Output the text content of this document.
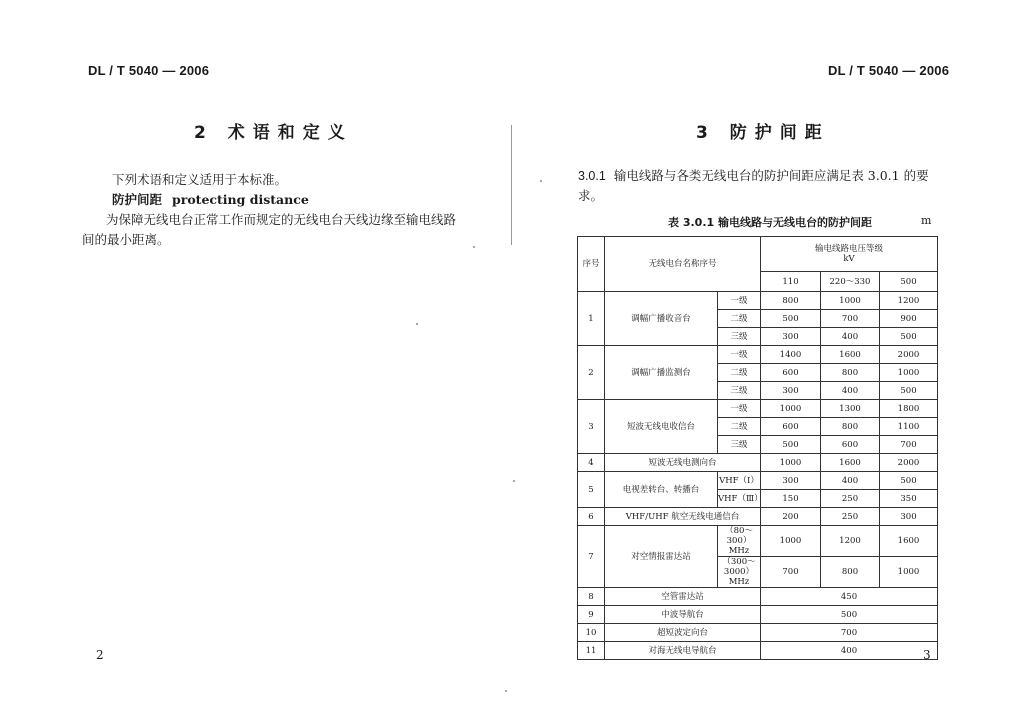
DL / T 5040 — 2006	DL / T 5040 — 2006
2 术语和定义

下列术语和定义适用于本标准。

防护间距 protecting distance

为保障无线电台正常工作而规定的无线电台天线边缘至输电线路间的最小距离。

3 防护间距

3.0.1 输电线路与各类无线电台的防护间距应满足表 3.0.1 的要求。

表 3.0.1 输电线路与无线电台的防护间距	m
序号	无线电台名称序号		输电线路电压等级
kV		

			110	220～330	500
1	调幅广播收音台	一级	800	1000	1200
		二级	500	700	900
		三级	300	400	500
2	调幅广播监测台	一级	1400	1600	2000
		二级	600	800	1000
		三级	300	400	500
3	短波无线电收信台	一级	1000	1300	1800
		二级	600	800	1100
		三级	500	600	700
4	短波无线电测向台		1000	1600	2000
5	电视差转台、转播台	VHF（Ⅰ）	300	400	500
		VHF（Ⅲ）	150	250	350
6	VHF/UHF 航空无线电通信台		200	250	300
7	对空情报雷达站	（80～300）MHz	1000	1200	1600
		（300～3000）MHz	700	800	1000
8	空管雷达站		450		
9	中波导航台		500		
10	超短波定向台		700		
11	对海无线电导航台		400		
2	3
